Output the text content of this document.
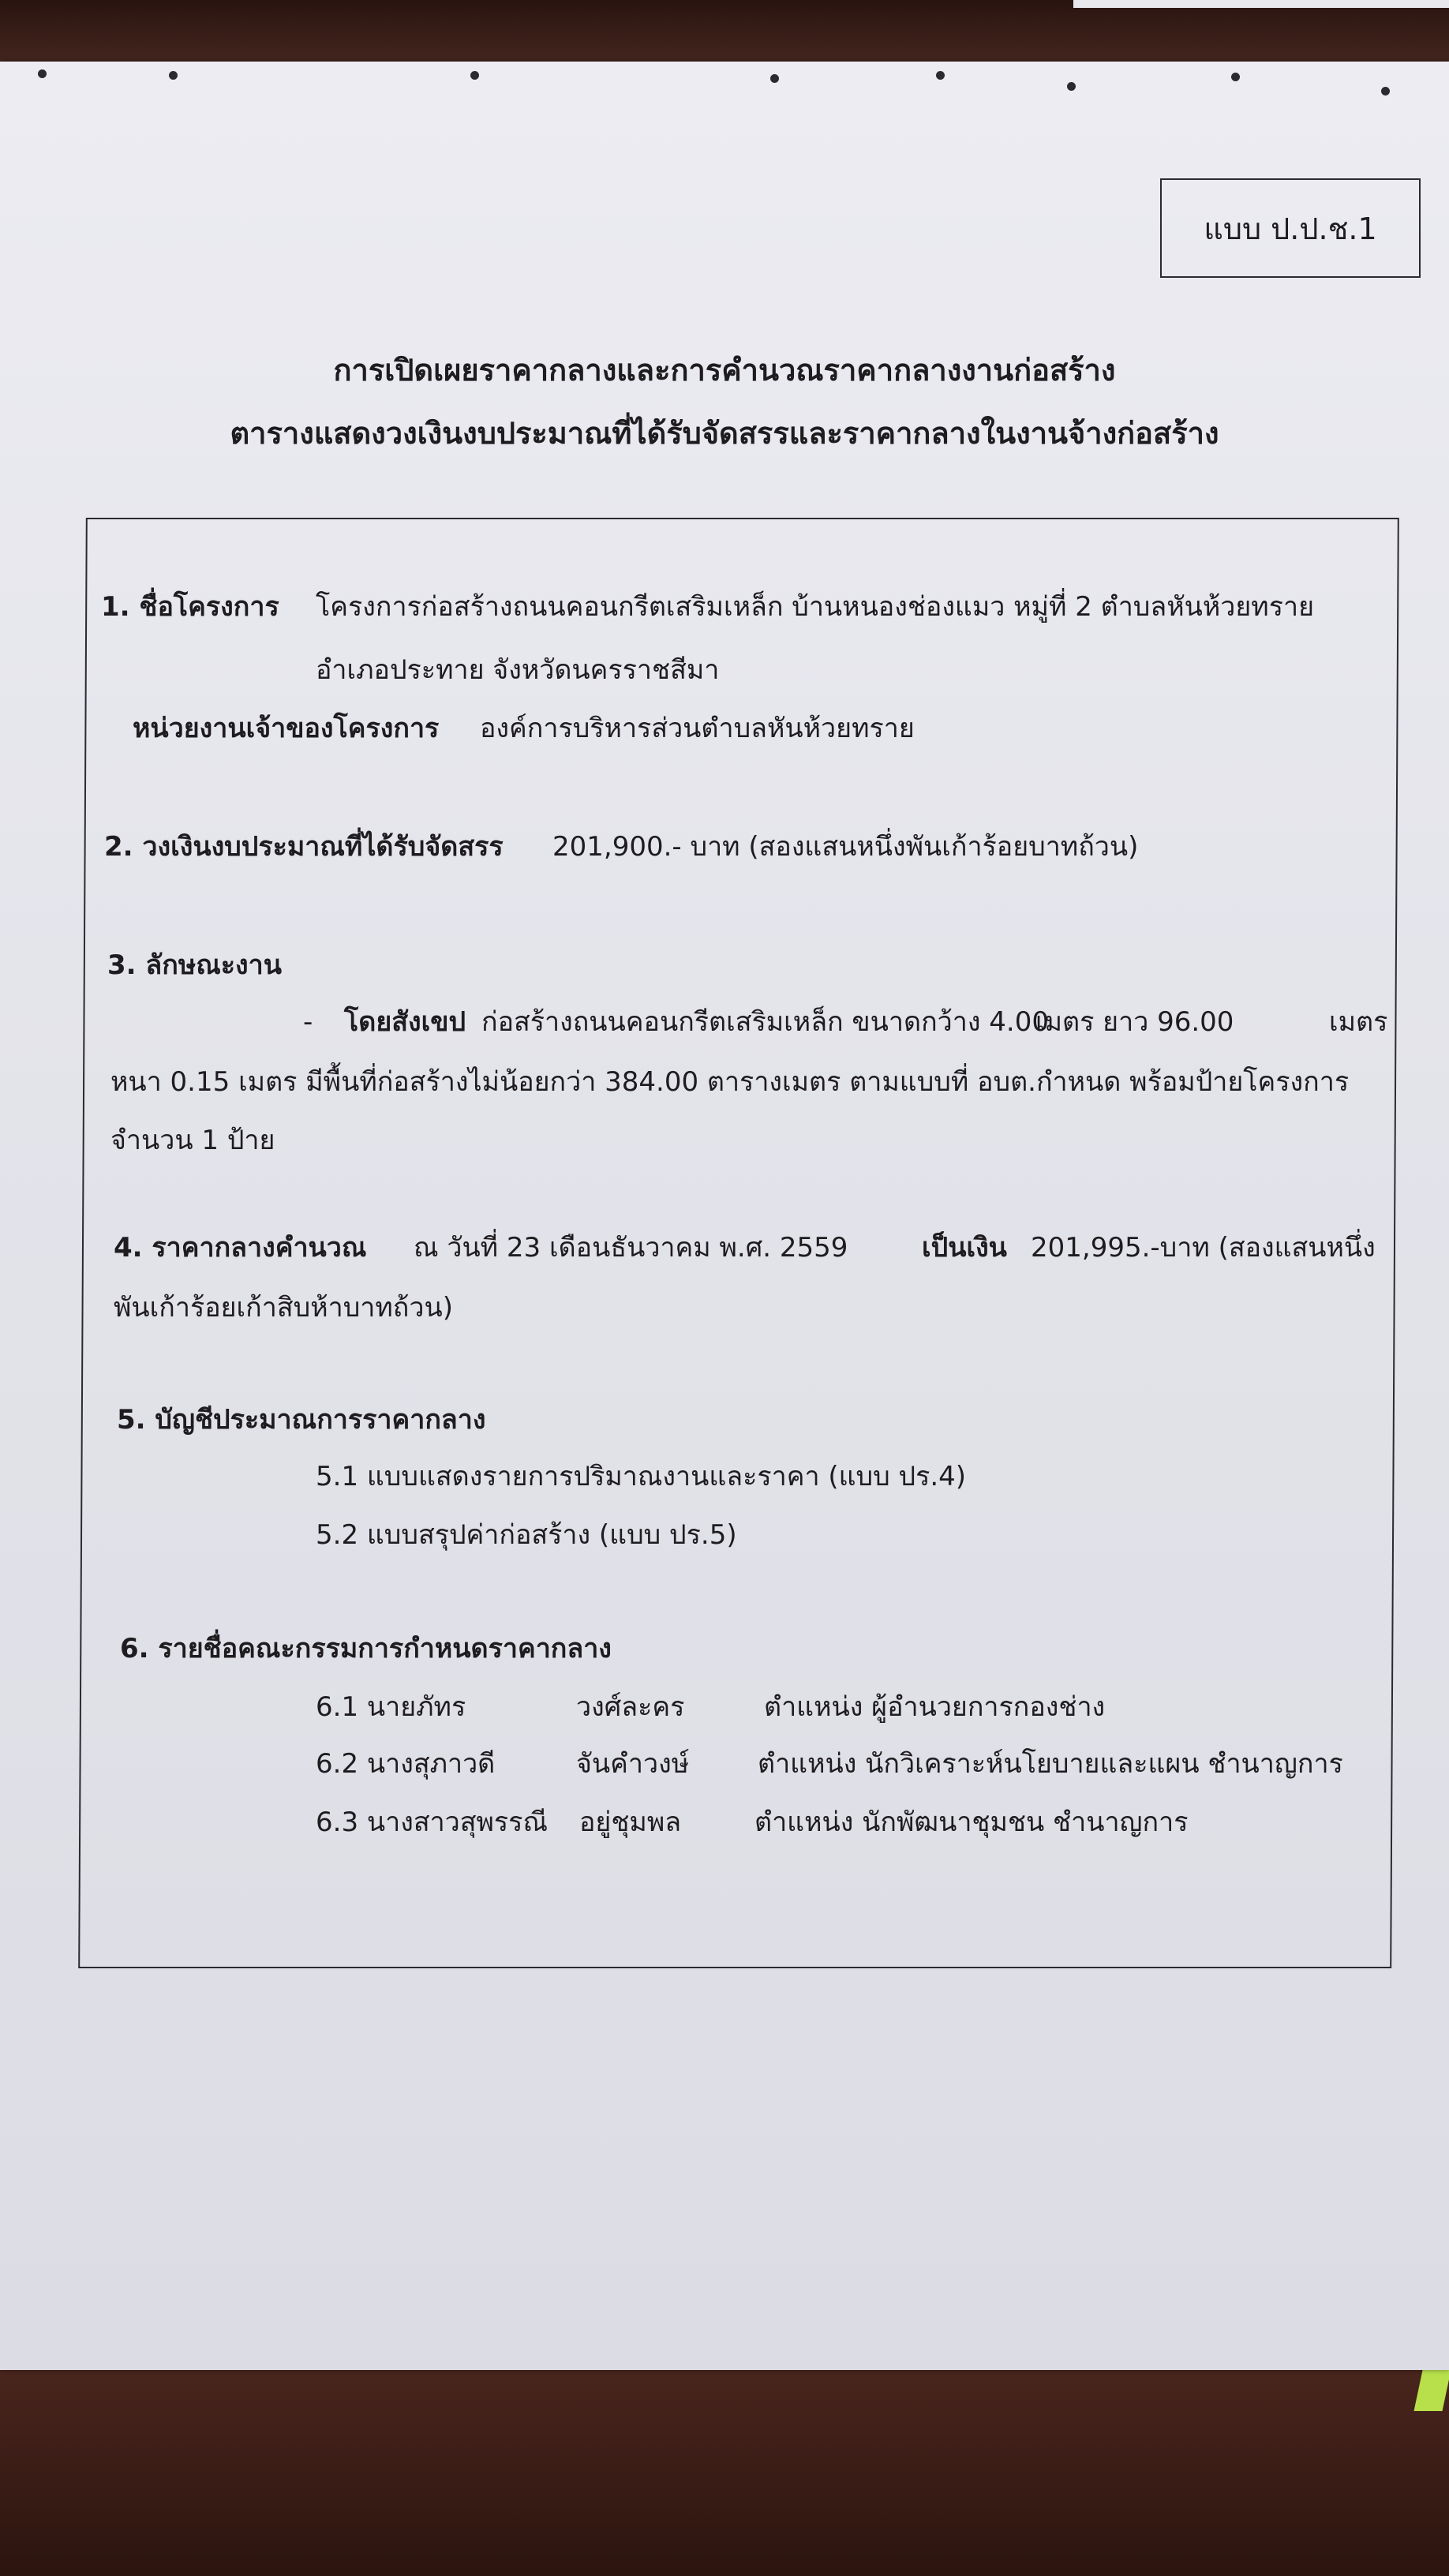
แบบ ป.ป.ช.1
การเปิดเผยราคากลางและการคำนวณราคากลางงานก่อสร้าง
ตารางแสดงวงเงินงบประมาณที่ได้รับจัดสรรและราคากลางในงานจ้างก่อสร้าง
1. ชื่อโครงการ โครงการก่อสร้างถนนคอนกรีตเสริมเหล็ก บ้านหนองช่องแมว หมู่ที่ 2 ตำบลหันห้วยทราย
อำเภอประทาย จังหวัดนครราชสีมา
หน่วยงานเจ้าของโครงการ องค์การบริหารส่วนตำบลหันห้วยทราย
2. วงเงินงบประมาณที่ได้รับจัดสรร 201,900.- บาท (สองแสนหนึ่งพันเก้าร้อยบาทถ้วน)
3. ลักษณะงาน
- โดยสังเขป ก่อสร้างถนนคอนกรีตเสริมเหล็ก ขนาดกว้าง 4.00
เมตร ยาว 96.00	เมตร
หนา 0.15 เมตร มีพื้นที่ก่อสร้างไม่น้อยกว่า 384.00 ตารางเมตร ตามแบบที่ อบต.กำหนด พร้อมป้ายโครงการ
จำนวน 1 ป้าย
4. ราคากลางคำนวณ ณ วันที่ 23 เดือนธันวาคม พ.ศ. 2559	เป็นเงิน 201,995.-บาท (สองแสนหนึ่ง
พันเก้าร้อยเก้าสิบห้าบาทถ้วน)
5. บัญชีประมาณการราคากลาง
5.1 แบบแสดงรายการปริมาณงานและราคา (แบบ ปร.4)
5.2 แบบสรุปค่าก่อสร้าง (แบบ ปร.5)
6. รายชื่อคณะกรรมการกำหนดราคากลาง
6.1 นายภัทร	วงศ์ละคร	ตำแหน่ง ผู้อำนวยการกองช่าง
6.2 นางสุภาวดี	จันคำวงษ์	ตำแหน่ง นักวิเคราะห์นโยบายและแผน ชำนาญการ
6.3 นางสาวสุพรรณี อยู่ชุมพล	ตำแหน่ง นักพัฒนาชุมชน ชำนาญการ
